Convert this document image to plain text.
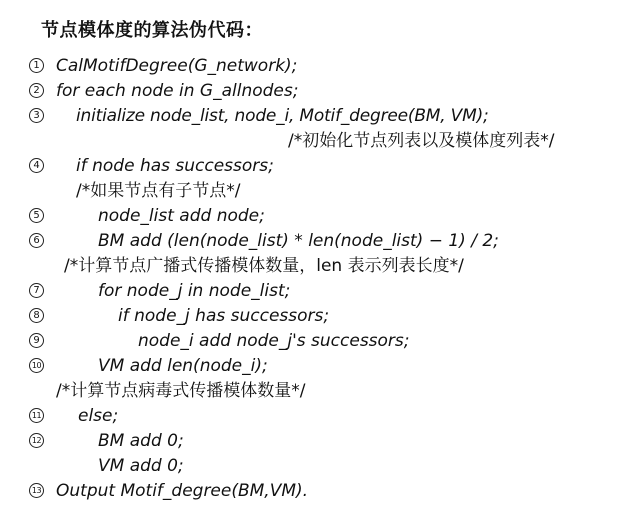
节点模体度的算法伪代码：
1 CalMotifDegree(G_network);
2 for each node in G_allnodes;
3 initialize node_list, node_i, Motif_degree(BM, VM);
/*初始化节点列表以及模体度列表*/
4 if node has successors;
/*如果节点有子节点*/
5	node_list add node;
6	BM add (len(node_list) * len(node_list) − 1) / 2;
/*计算节点广播式传播模体数量，len 表示列表长度*/
7	for node_j in node_list;
8	if node_j has successors;
9	node_i add node_j's successors;
10	VM add len(node_i);
/*计算节点病毒式传播模体数量*/
11 else;
12	BM add 0;
VM add 0;
13 Output Motif_degree(BM,VM).
